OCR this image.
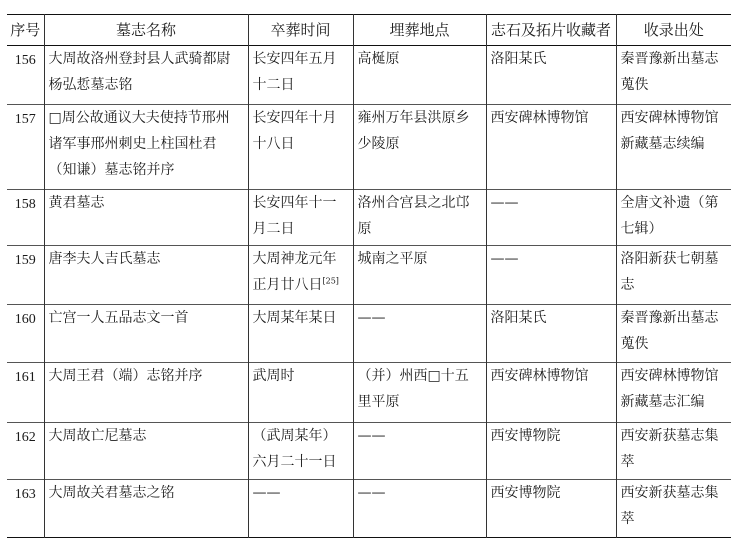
序号	墓志名称	卒葬时间	埋葬地点	志石及拓片收藏者	收录出处
156	大周故洛州登封县人武骑都尉杨弘悊墓志铭	长安四年五月十二日	高梴原	洛阳某氏	秦晋豫新出墓志蒐佚
157	□周公故通议大夫使持节邢州诸军事邢州刺史上柱国杜君（知谦）墓志铭并序	长安四年十月十八日	雍州万年县洪原乡少陵原	西安碑林博物馆	西安碑林博物馆新藏墓志续编
158	黄君墓志	长安四年十一月二日	洛州合宫县之北邙原	——	全唐文补遗（第七辑）
159	唐李夫人吉氏墓志	大周神龙元年正月廿八日[25]	城南之平原	——	洛阳新获七朝墓志
160	亡宫一人五品志文一首	大周某年某日	——	洛阳某氏	秦晋豫新出墓志蒐佚
161	大周王君（端）志铭并序	武周时	（并）州西□十五里平原	西安碑林博物馆	西安碑林博物馆新藏墓志汇编
162	大周故亡尼墓志	（武周某年）六月二十一日	——	西安博物院	西安新获墓志集萃
163	大周故关君墓志之铭	——	——	西安博物院	西安新获墓志集萃
